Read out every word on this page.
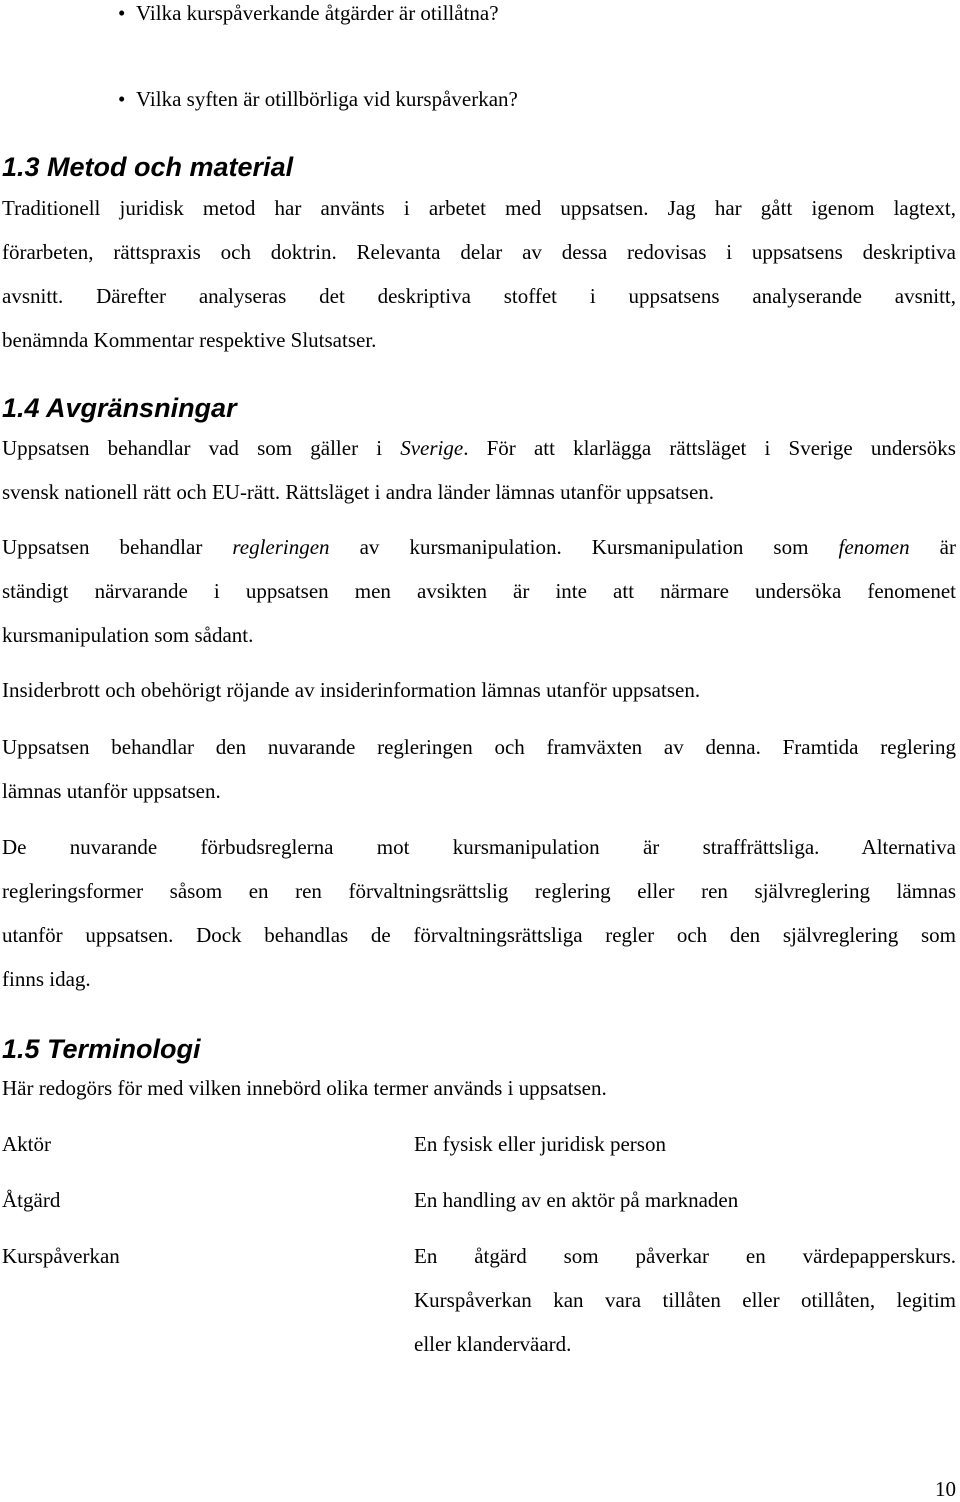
• Vilka kurspåverkande åtgärder är otillåtna?
• Vilka syften är otillbörliga vid kurspåverkan?
1.3 Metod och material
Traditionell juridisk metod har använts i arbetet med uppsatsen. Jag har gått igenom lagtext,
förarbeten, rättspraxis och doktrin. Relevanta delar av dessa redovisas i uppsatsens deskriptiva
avsnitt. Därefter analyseras det deskriptiva stoffet i uppsatsens analyserande avsnitt,
benämnda Kommentar respektive Slutsatser.
1.4 Avgränsningar
Uppsatsen behandlar vad som gäller i Sverige. För att klarlägga rättsläget i Sverige undersöks
svensk nationell rätt och EU-rätt. Rättsläget i andra länder lämnas utanför uppsatsen.
Uppsatsen behandlar regleringen av kursmanipulation. Kursmanipulation som fenomen är
ständigt närvarande i uppsatsen men avsikten är inte att närmare undersöka fenomenet
kursmanipulation som sådant.
Insiderbrott och obehörigt röjande av insiderinformation lämnas utanför uppsatsen.
Uppsatsen behandlar den nuvarande regleringen och framväxten av denna. Framtida reglering
lämnas utanför uppsatsen.
De nuvarande förbudsreglerna mot kursmanipulation är straffrättsliga. Alternativa
regleringsformer såsom en ren förvaltningsrättslig reglering eller ren självreglering lämnas
utanför uppsatsen. Dock behandlas de förvaltningsrättsliga regler och den självreglering som
finns idag.
1.5 Terminologi
Här redogörs för med vilken innebörd olika termer används i uppsatsen.
Aktör	En fysisk eller juridisk person
Åtgärd	En handling av en aktör på marknaden
Kurspåverkan	En åtgärd som påverkar en värdepapperskurs.
Kurspåverkan kan vara tillåten eller otillåten, legitim
eller klanderväard.
10
